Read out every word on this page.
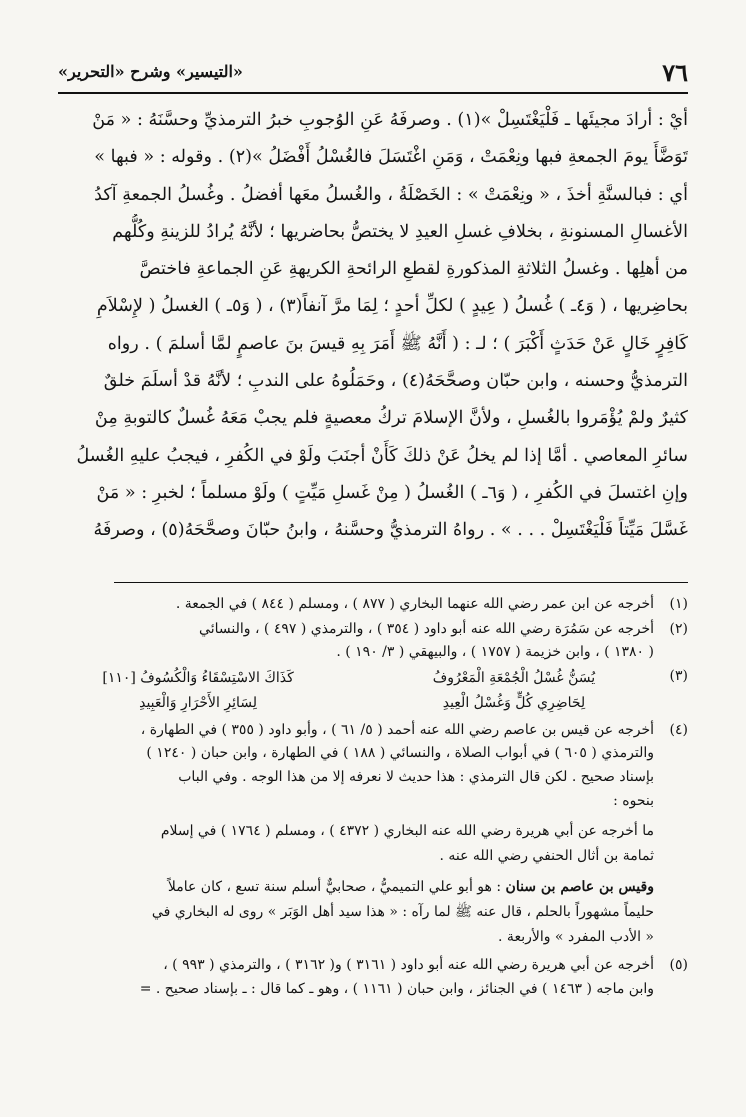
٧٦
«التيسير» وشرح «التحرير»

أيْ : أرادَ مجيئَها ـ فَلْيَغْتَسِلْ »(١) . وصرفَهُ عَنِ الوُجوبِ خبرُ الترمذيِّ وحسَّنَهُ : « مَنْ
تَوَضَّأَ يومَ الجمعةِ فبها ونِعْمَتْ ، وَمَنِ اغْتَسَلَ فالغُسْلُ أَفْضَلُ »(٢) . وقوله : « فبها »
أي : فبالسنَّةِ أخذَ ، « ونِعْمَتْ » : الخَصْلَةُ ، والغُسلُ معَها أفضلُ . وغُسلُ الجمعةِ آكدُ
الأغسالِ المسنونةِ ، بخلافِ غسلِ العيدِ لا يختصُّ بحاضريها ؛ لأنَّهُ يُرادُ للزينةِ وكُلُّهم
من أهلِها . وغسلُ الثلاثةِ المذكورةِ لقطعِ الرائحةِ الكريهةِ عَنِ الجماعةِ فاختصَّ
بحاضِريها ، ( وَ٤ـ ) غُسلُ ( عِيدٍ ) لكلِّ أحدٍ ؛ لِمَا مرَّ آنفاً(٣) ، ( وَ٥ـ ) الغسلُ ( لإِسْلاَمِ
كَافِرٍ خَالٍ عَنْ حَدَثٍ أَكْبَرَ ) ؛ لـ : ( أَنَّهُ ﷺ أَمَرَ بِهِ قيسَ بنَ عاصمٍ لمَّا أسلمَ ) . رواه
الترمذيُّ وحسنه ، وابن حبّان وصحَّحَهُ(٤) ، وحَمَلُوهُ على الندبِ ؛ لأنَّهُ قدْ أسلَمَ خلقٌ
كثيرٌ ولمْ يُؤْمَروا بالغُسلِ ، ولأنَّ الإسلامَ تركُ معصيةٍ فلم يجبْ مَعَهُ غُسلٌ كالتوبةِ مِنْ
سائرِ المعاصي . أمَّا إذا لم يخلُ عَنْ ذلكَ كَأَنْ أجنَبَ ولَوْ في الكُفرِ ، فيجبُ عليهِ الغُسلُ
وإنِ اغتسلَ في الكُفرِ ، ( وَ٦ـ ) الغُسلُ ( مِنْ غَسلِ مَيِّتٍ ) ولَوْ مسلماً ؛ لخبرِ : « مَنْ
غَسَّلَ مَيِّتاً فَلْيَغْتَسِلْ . . . » . رواهُ الترمذيُّ وحسَّنهُ ، وابنُ حبّانَ وصحَّحَهُ(٥) ، وصرفَهُ

(١)
أخرجه عن ابن عمر رضي الله عنهما البخاري ( ٨٧٧ ) ، ومسلم ( ٨٤٤ ) في الجمعة .
(٢)
أخرجه عن سَمُرَة رضي الله عنه أبو داود ( ٣٥٤ ) ، والترمذي ( ٤٩٧ ) ، والنسائي
( ١٣٨٠ ) ، وابن خزيمة ( ١٧٥٧ ) ، والبيهقي ( ٣/ ١٩٠ ) .
(٣)
يُسَنُّ غُسْلُ الْجُمْعَةِ الْمَعْرُوفُ
كَذَاكَ الاسْتِسْقَاءُ وَالْكُسُوفُ [١١٠]
لِحَاضِرِي كُلٍّ وَغُسْلُ الْعِيدِ
لِسَائِرِ الأَحْرَارِ وَالْعَبِيدِ
(٤)
أخرجه عن قيس بن عاصم رضي الله عنه أحمد ( ٥/ ٦١ ) ، وأبو داود ( ٣٥٥ ) في الطهارة ،
والترمذي ( ٦٠٥ ) في أبواب الصلاة ، والنسائي ( ١٨٨ ) في الطهارة ، وابن حبان ( ١٢٤٠ )
بإسناد صحيح . لكن قال الترمذي : هذا حديث لا نعرفه إلا من هذا الوجه . وفي الباب
بنحوه :
ما أخرجه عن أبي هريرة رضي الله عنه البخاري ( ٤٣٧٢ ) ، ومسلم ( ١٧٦٤ ) في إسلام
ثمامة بن أثال الحنفي رضي الله عنه .
وقيس بن عاصم بن سنان : هو أبو علي التميميُّ ، صحابيٌّ أسلم سنة تسع ، كان عاملاً
حليماً مشهوراً بالحلم ، قال عنه ﷺ لما رآه : « هذا سيد أهل الوَبَر » روى له البخاري في
« الأدب المفرد » والأربعة .
(٥)
أخرجه عن أبي هريرة رضي الله عنه أبو داود ( ٣١٦١ ) و( ٣١٦٢ ) ، والترمذي ( ٩٩٣ ) ،
وابن ماجه ( ١٤٦٣ ) في الجنائز ، وابن حبان ( ١١٦١ ) ، وهو ـ كما قال : ـ بإسناد صحيح . =
